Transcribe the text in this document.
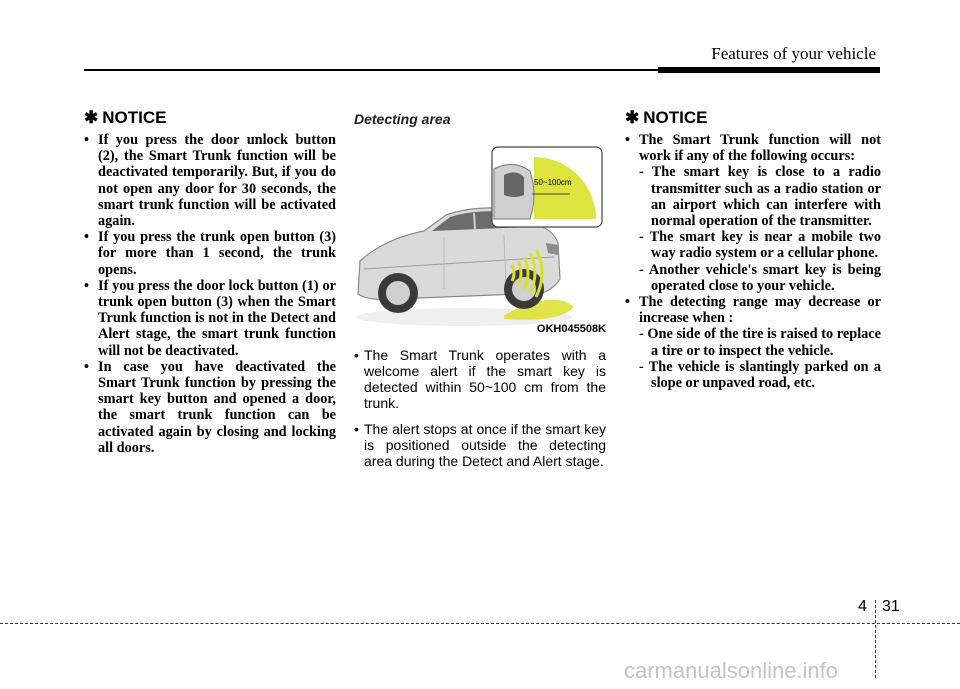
Features of your vehicle
✱ NOTICE
• If you press the door unlock button (2), the Smart Trunk function will be deactivated temporarily. But, if you do not open any door for 30 seconds, the smart trunk function will be activated again.
• If you press the trunk open button (3) for more than 1 second, the trunk opens.
• If you press the door lock button (1) or trunk open button (3) when the Smart Trunk function is not in the Detect and Alert stage, the smart trunk function will not be deactivated.
• In case you have deactivated the Smart Trunk function by pressing the smart key button and opened a door, the smart trunk function can be activated again by closing and locking all doors.
Detecting area
50~100cm
OKH045508K
• The Smart Trunk operates with a welcome alert if the smart key is detected within 50~100 cm from the trunk.
• The alert stops at once if the smart key is positioned outside the detecting area during the Detect and Alert stage.
✱ NOTICE
• The Smart Trunk function will not work if any of the following occurs:
- The smart key is close to a radio transmitter such as a radio station or an airport which can interfere with normal operation of the transmitter.
- The smart key is near a mobile two way radio system or a cellular phone.
- Another vehicle's smart key is being operated close to your vehicle.
• The detecting range may decrease or increase when :
- One side of the tire is raised to replace a tire or to inspect the vehicle.
- The vehicle is slantingly parked on a slope or unpaved road, etc.
4 31
carmanualsonline.info
